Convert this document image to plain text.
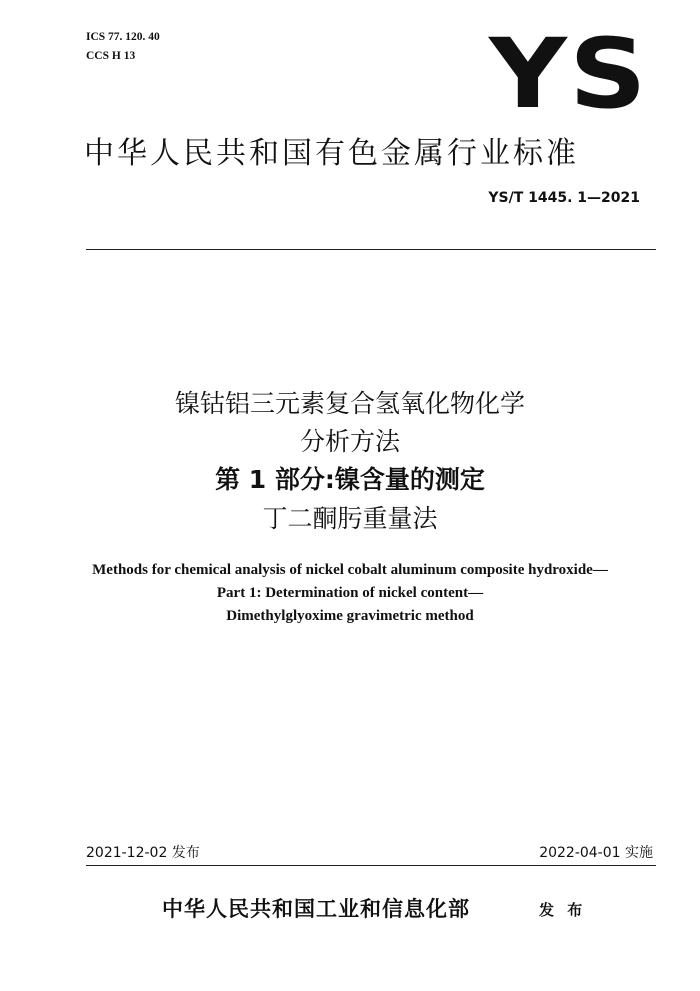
ICS 77. 120. 40
CCS H 13	YS
中华人民共和国有色金属行业标准
YS/T 1445. 1—2021
镍钴铝三元素复合氢氧化物化学
分析方法
第 1 部分:镍含量的测定
丁二酮肟重量法
Methods for chemical analysis of nickel cobalt aluminum composite hydroxide—
Part 1: Determination of nickel content—
Dimethylglyoxime gravimetric method
2021-12-02 发布	2022-04-01 实施
中华人民共和国工业和信息化部	发 布
